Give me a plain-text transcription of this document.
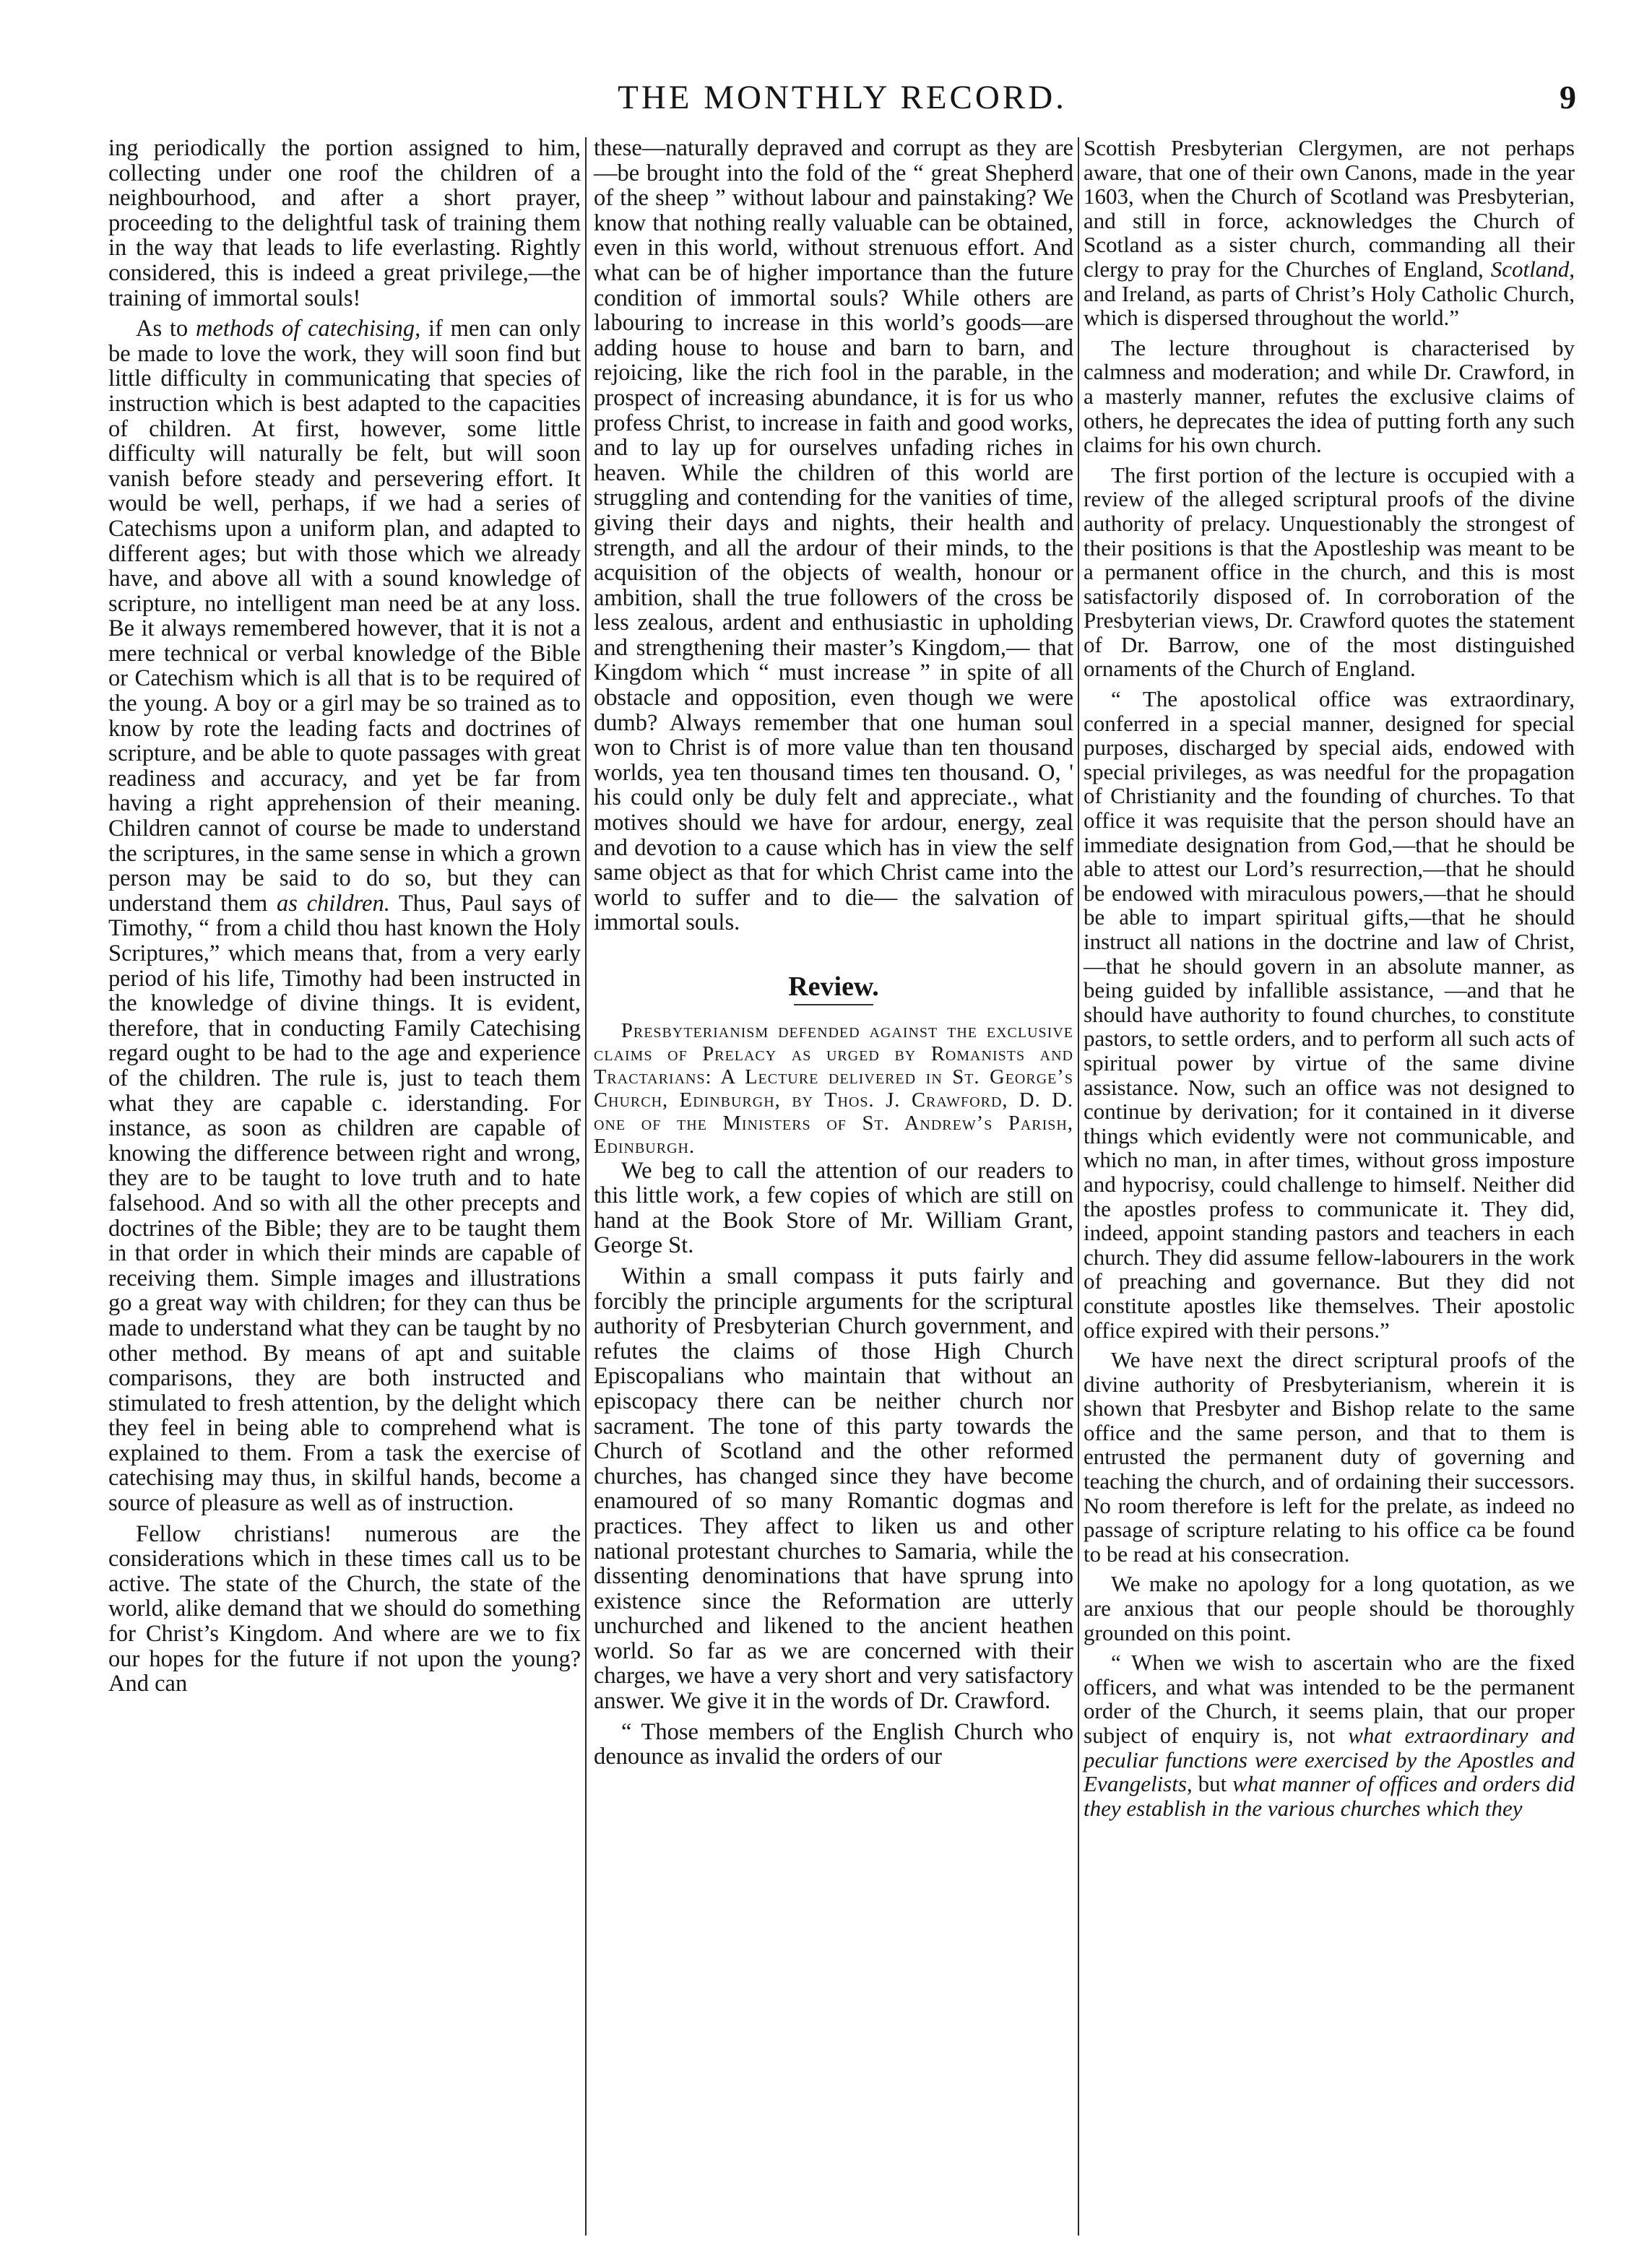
THE MONTHLY RECORD.	9

ing periodically the portion assigned to him, collecting under one roof the children of a neighbourhood, and after a short prayer, proceeding to the delightful task of training them in the way that leads to life everlasting. Rightly considered, this is indeed a great privilege,—the training of immortal souls!

As to methods of catechising, if men can only be made to love the work, they will soon find but little difficulty in communicating that species of instruction which is best adapted to the capacities of children. At first, however, some little difficulty will naturally be felt, but will soon vanish before steady and persevering effort. It would be well, perhaps, if we had a series of Catechisms upon a uniform plan, and adapted to different ages; but with those which we already have, and above all with a sound knowledge of scripture, no intelligent man need be at any loss. Be it always remembered however, that it is not a mere technical or verbal knowledge of the Bible or Catechism which is all that is to be required of the young. A boy or a girl may be so trained as to know by rote the leading facts and doctrines of scripture, and be able to quote passages with great readiness and accuracy, and yet be far from having a right apprehension of their meaning. Children cannot of course be made to understand the scriptures, in the same sense in which a grown person may be said to do so, but they can understand them as children. Thus, Paul says of Timothy, “ from a child thou hast known the Holy Scriptures,” which means that, from a very early period of his life, Timothy had been instructed in the knowledge of divine things. It is evident, therefore, that in conducting Family Catechising regard ought to be had to the age and experience of the children. The rule is, just to teach them what they are capable c. iderstanding. For instance, as soon as children are capable of knowing the difference between right and wrong, they are to be taught to love truth and to hate falsehood. And so with all the other precepts and doctrines of the Bible; they are to be taught them in that order in which their minds are capable of receiving them. Simple images and illustrations go a great way with children; for they can thus be made to understand what they can be taught by no other method. By means of apt and suitable comparisons, they are both instructed and stimulated to fresh attention, by the delight which they feel in being able to comprehend what is explained to them. From a task the exercise of catechising may thus, in skilful hands, become a source of pleasure as well as of instruction.

Fellow christians! numerous are the considerations which in these times call us to be active. The state of the Church, the state of the world, alike demand that we should do something for Christ’s Kingdom. And where are we to fix our hopes for the future if not upon the young? And can

these—naturally depraved and corrupt as they are—be brought into the fold of the “ great Shepherd of the sheep ” without labour and painstaking? We know that nothing really valuable can be obtained, even in this world, without strenuous effort. And what can be of higher importance than the future condition of immortal souls? While others are labouring to increase in this world’s goods—are adding house to house and barn to barn, and rejoicing, like the rich fool in the parable, in the prospect of increasing abundance, it is for us who profess Christ, to increase in faith and good works, and to lay up for ourselves unfading riches in heaven. While the children of this world are struggling and contending for the vanities of time, giving their days and nights, their health and strength, and all the ardour of their minds, to the acquisition of the objects of wealth, honour or ambition, shall the true followers of the cross be less zealous, ardent and enthusiastic in upholding and strengthening their master’s Kingdom,— that Kingdom which “ must increase ” in spite of all obstacle and opposition, even though we were dumb? Always remember that one human soul won to Christ is of more value than ten thousand worlds, yea ten thousand times ten thousand. O, ' his could only be duly felt and appreciate., what motives should we have for ardour, energy, zeal and devotion to a cause which has in view the self same object as that for which Christ came into the world to suffer and to die— the salvation of immortal souls.

Review.

Presbyterianism defended against the exclusive claims of Prelacy as urged by Romanists and Tractarians: A Lecture delivered in St. George’s Church, Edinburgh, by Thos. J. Crawford, D. D. one of the Ministers of St. Andrew’s Parish, Edinburgh.

We beg to call the attention of our readers to this little work, a few copies of which are still on hand at the Book Store of Mr. William Grant, George St.

Within a small compass it puts fairly and forcibly the principle arguments for the scriptural authority of Presbyterian Church government, and refutes the claims of those High Church Episcopalians who maintain that without an episcopacy there can be neither church nor sacrament. The tone of this party towards the Church of Scotland and the other reformed churches, has changed since they have become enamoured of so many Romantic dogmas and practices. They affect to liken us and other national protestant churches to Samaria, while the dissenting denominations that have sprung into existence since the Reformation are utterly unchurched and likened to the ancient heathen world. So far as we are concerned with their charges, we have a very short and very satisfactory answer. We give it in the words of Dr. Crawford.

“ Those members of the English Church who denounce as invalid the orders of our

Scottish Presbyterian Clergymen, are not perhaps aware, that one of their own Canons, made in the year 1603, when the Church of Scotland was Presbyterian, and still in force, acknowledges the Church of Scotland as a sister church, commanding all their clergy to pray for the Churches of England, Scotland, and Ireland, as parts of Christ’s Holy Catholic Church, which is dispersed throughout the world.”

The lecture throughout is characterised by calmness and moderation; and while Dr. Crawford, in a masterly manner, refutes the exclusive claims of others, he deprecates the idea of putting forth any such claims for his own church.

The first portion of the lecture is occupied with a review of the alleged scriptural proofs of the divine authority of prelacy. Unquestionably the strongest of their positions is that the Apostleship was meant to be a permanent office in the church, and this is most satisfactorily disposed of. In corroboration of the Presbyterian views, Dr. Crawford quotes the statement of Dr. Barrow, one of the most distinguished ornaments of the Church of England.

“ The apostolical office was extraordinary, conferred in a special manner, designed for special purposes, discharged by special aids, endowed with special privileges, as was needful for the propagation of Christianity and the founding of churches. To that office it was requisite that the person should have an immediate designation from God,—that he should be able to attest our Lord’s resurrection,—that he should be endowed with miraculous powers,—that he should be able to impart spiritual gifts,—that he should instruct all nations in the doctrine and law of Christ, —that he should govern in an absolute manner, as being guided by infallible assistance, —and that he should have authority to found churches, to constitute pastors, to settle orders, and to perform all such acts of spiritual power by virtue of the same divine assistance. Now, such an office was not designed to continue by derivation; for it contained in it diverse things which evidently were not communicable, and which no man, in after times, without gross imposture and hypocrisy, could challenge to himself. Neither did the apostles profess to communicate it. They did, indeed, appoint standing pastors and teachers in each church. They did assume fellow-labourers in the work of preaching and governance. But they did not constitute apostles like themselves. Their apostolic office expired with their persons.”

We have next the direct scriptural proofs of the divine authority of Presbyterianism, wherein it is shown that Presbyter and Bishop relate to the same office and the same person, and that to them is entrusted the permanent duty of governing and teaching the church, and of ordaining their successors. No room therefore is left for the prelate, as indeed no passage of scripture relating to his office ca be found to be read at his consecration.

We make no apology for a long quotation, as we are anxious that our people should be thoroughly grounded on this point.

“ When we wish to ascertain who are the fixed officers, and what was intended to be the permanent order of the Church, it seems plain, that our proper subject of enquiry is, not what extraordinary and peculiar functions were exercised by the Apostles and Evangelists, but what manner of offices and orders did they establish in the various churches which they
